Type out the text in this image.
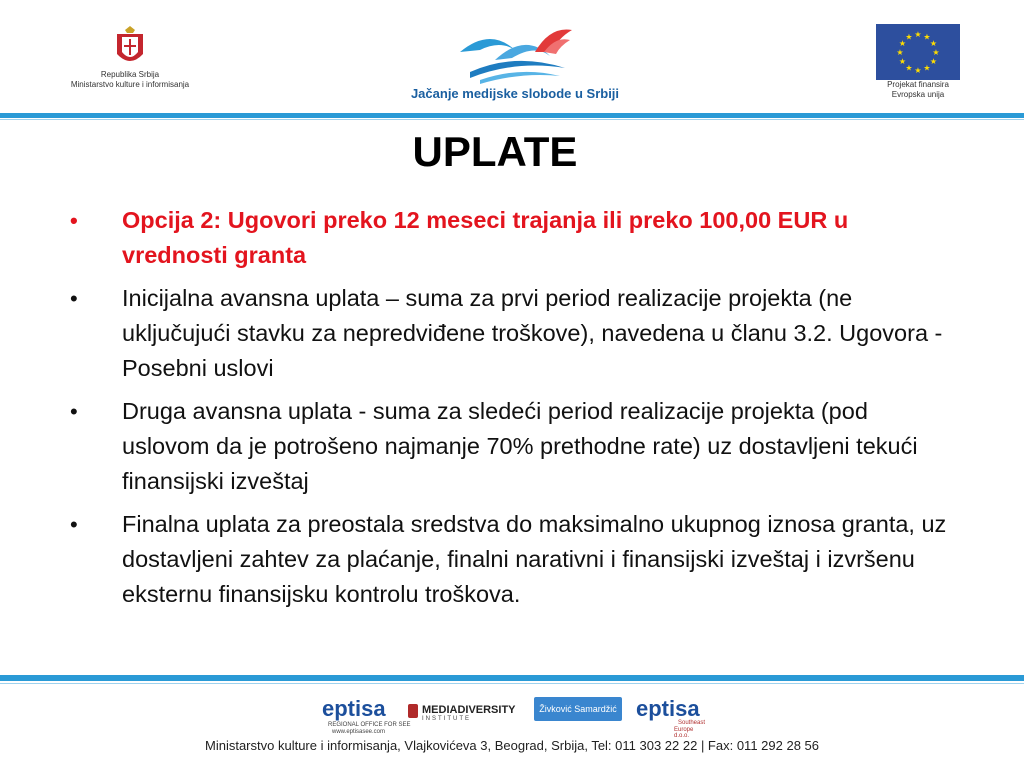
Republika Srbija
Ministarstvo kulture i informisanja
Jačanje medijske slobode u Srbiji
★ ★
★
★
★
★
★
★
★
★
★
★
Projekat finansira
Evropska unija
UPLATE
• Opcija 2: Ugovori preko 12 meseci trajanja ili preko 100,00 EUR u vrednosti granta
• Inicijalna avansna uplata – suma za prvi period realizacije projekta (ne uključujući stavku za nepredviđene troškove), navedena u članu 3.2. Ugovora - Posebni uslovi
• Druga avansna uplata - suma za sledeći period realizacije projekta (pod uslovom da je potrošeno najmanje 70% prethodne rate) uz dostavljeni tekući finansijski izveštaj
• Finalna uplata za preostala sredstva do maksimalno ukupnog iznosa granta, uz dostavljeni zahtev za plaćanje, finalni narativni i finansijski izveštaj i izvršenu eksternu finansijsku kontrolu troškova.
eptisa
REGIONAL OFFICE FOR SEE
www.eptisasee.com
MEDIADIVERSITY
INSTITUTE
Živković Samardžić eptisa
Southeast
Europe d.o.o.
Ministarstvo kulture i informisanja, Vlajkovićeva 3, Beograd, Srbija, Tel: 011 303 22 22 | Fax: 011 292 28 56
